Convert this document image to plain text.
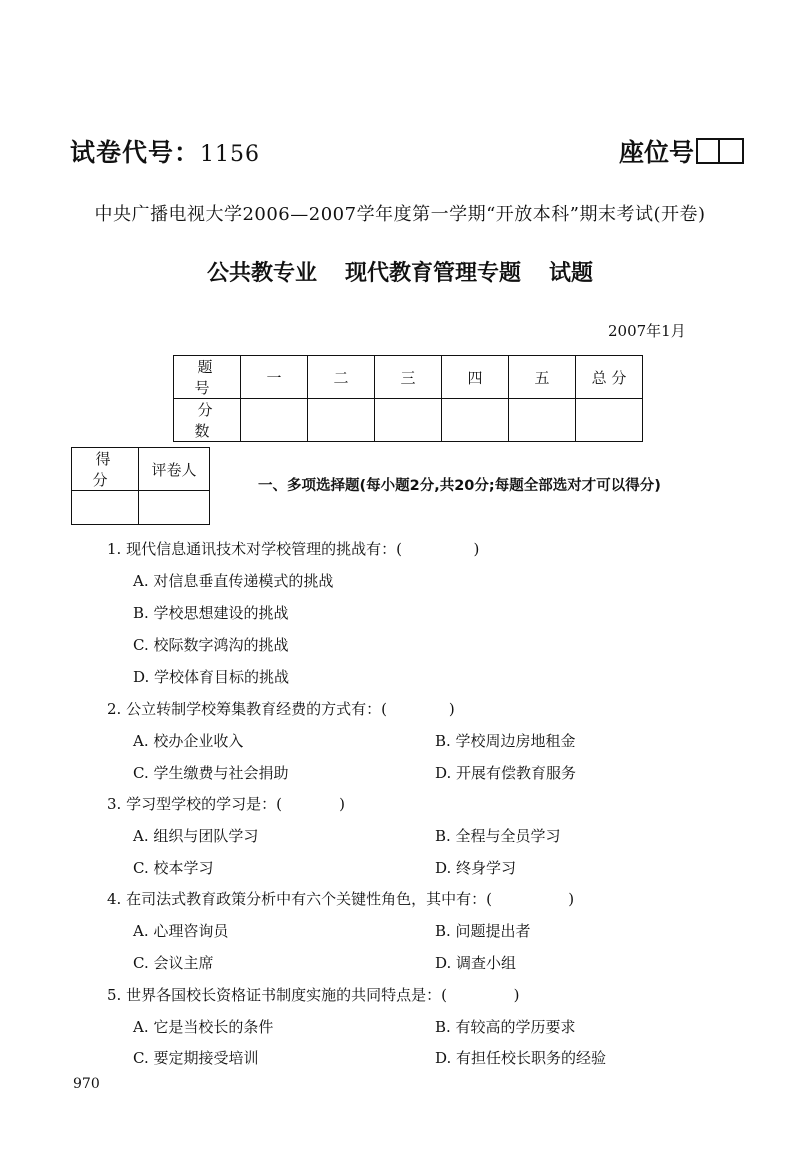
试卷代号：1156	座位号
中央广播电视大学2006—2007学年度第一学期“开放本科”期末考试(开卷)
公共教专业 现代教育管理专题 试题
2007年1月
题 号	一	二	三	四	五	总 分
分 数						
得 分	评卷人

一、多项选择题(每小题2分,共20分;每题全部选对才可以得分)
1. 现代信息通讯技术对学校管理的挑战有：(               )
A. 对信息垂直传递模式的挑战
B. 学校思想建设的挑战
C. 校际数字鸿沟的挑战
D. 学校体育目标的挑战
2. 公立转制学校筹集教育经费的方式有：(             )
A. 校办企业收入	B. 学校周边房地租金
C. 学生缴费与社会捐助	D. 开展有偿教育服务
3. 学习型学校的学习是：(            )
A. 组织与团队学习	B. 全程与全员学习
C. 校本学习	D. 终身学习
4. 在司法式教育政策分析中有六个关键性角色，其中有：(                )
A. 心理咨询员	B. 问题提出者
C. 会议主席	D. 调查小组
5. 世界各国校长资格证书制度实施的共同特点是：(              )
A. 它是当校长的条件	B. 有较高的学历要求
C. 要定期接受培训	D. 有担任校长职务的经验
970
